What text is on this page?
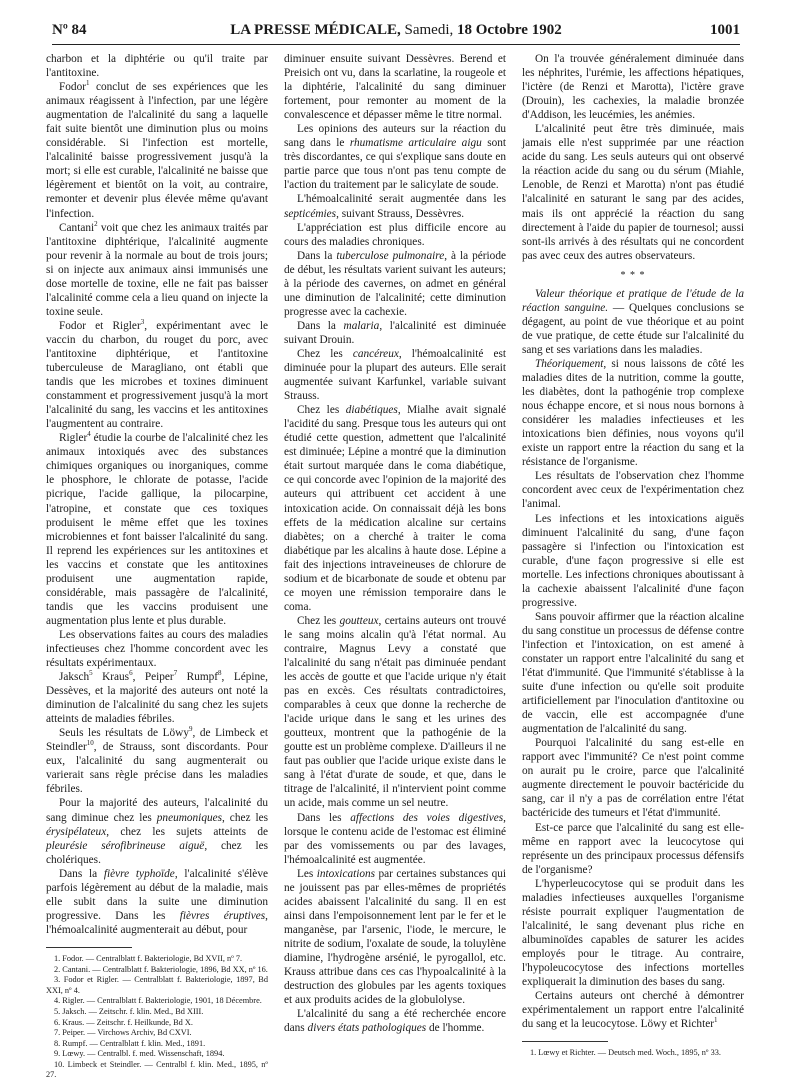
Nº 84	LA PRESSE MÉDICALE, Samedi, 18 Octobre 1902	1001

charbon et la diphtérie ou qu'il traite par l'antitoxine.

Fodor$^1$ conclut de ses expériences que les animaux réagissent à l'infection, par une légère augmentation de l'alcalinité du sang a laquelle fait suite bientôt une diminution plus ou moins considérable. Si l'infection est mortelle, l'alcalinité baisse progressivement jusqu'à la mort; si elle est curable, l'alcalinité ne baisse que légèrement et bientôt on la voit, au contraire, remonter et devenir plus élevée même qu'avant l'infection.

Cantani$^2$ voit que chez les animaux traités par l'antitoxine diphtérique, l'alcalinité augmente pour revenir à la normale au bout de trois jours; si on injecte aux animaux ainsi immunisés une dose mortelle de toxine, elle ne fait pas baisser l'alcalinité comme cela a lieu quand on injecte la toxine seule.

Fodor et Rigler$^3$, expérimentant avec le vaccin du charbon, du rouget du porc, avec l'antitoxine diphtérique, et l'antitoxine tuberculeuse de Maragliano, ont établi que tandis que les microbes et toxines diminuent constamment et progressivement jusqu'à la mort l'alcalinité du sang, les vaccins et les antitoxines l'augmentent au contraire.

Rigler$^4$ étudie la courbe de l'alcalinité chez les animaux intoxiqués avec des substances chimiques organiques ou inorganiques, comme le phosphore, le chlorate de potasse, l'acide picrique, l'acide gallique, la pilocarpine, l'atropine, et constate que ces toxiques produisent le même effet que les toxines microbiennes et font baisser l'alcalinité du sang. Il reprend les expériences sur les antitoxines et les vaccins et constate que les antitoxines produisent une augmentation rapide, considérable, mais passagère de l'alcalinité, tandis que les vaccins produisent une augmentation plus lente et plus durable.

Les observations faites au cours des maladies infectieuses chez l'homme concordent avec les résultats expérimentaux.

Jaksch$^5$ Kraus$^6$, Peiper$^7$ Rumpf$^8$, Lépine, Dessèves, et la majorité des auteurs ont noté la diminution de l'alcalinité du sang chez les sujets atteints de maladies fébriles.

Seuls les résultats de Löwy$^9$, de Limbeck et Steindler$^{10}$, de Strauss, sont discordants. Pour eux, l'alcalinité du sang augmenterait ou varierait sans règle précise dans les maladies fébriles.

Pour la majorité des auteurs, l'alcalinité du sang diminue chez les pneumoniques, chez les érysipélateux, chez les sujets atteints de pleurésie sérofibrineuse aiguë, chez les cholériques.

Dans la fièvre typhoïde, l'alcalinité s'élève parfois légèrement au début de la maladie, mais elle subit dans la suite une diminution progressive. Dans les fièvres éruptives, l'hémoalcalinité augmenterait au début, pour

1. Fodor. — Centralblatt f. Bakteriologie, Bd XVII, nº 7.

2. Cantani. — Centralblatt f. Bakteriologie, 1896, Bd XX, nº 16.

3. Fodor et Rigler. — Centralblatt f. Bakteriologie, 1897, Bd XXI, nº 4.

4. Rigler. — Centralblatt f. Bakteriologie, 1901, 18 Décembre.

5. Jaksch. — Zeitschr. f. klin. Med., Bd XIII.

6. Kraus. — Zeitschr. f. Heilkunde, Bd X.

7. Peiper. — Virchows Archiv, Bd CXVI.

8. Rumpf. — Centralblatt f. klin. Med., 1891.

9. Lœwy. — Centralbl. f. med. Wissenschaft, 1894.

10. Limbeck et Steindler. — Centralbl f. klin. Med., 1895, nº 27.

diminuer ensuite suivant Dessèvres. Berend et Preisich ont vu, dans la scarlatine, la rougeole et la diphtérie, l'alcalinité du sang diminuer fortement, pour remonter au moment de la convalescence et dépasser même le titre normal.

Les opinions des auteurs sur la réaction du sang dans le rhumatisme articulaire aigu sont très discordantes, ce qui s'explique sans doute en partie parce que tous n'ont pas tenu compte de l'action du traitement par le salicylate de soude.

L'hémoalcalinité serait augmentée dans les septicémies, suivant Strauss, Dessèvres.

L'appréciation est plus difficile encore au cours des maladies chroniques.

Dans la tuberculose pulmonaire, à la période de début, les résultats varient suivant les auteurs; à la période des cavernes, on admet en général une diminution de l'alcalinité; cette diminution progresse avec la cachexie.

Dans la malaria, l'alcalinité est diminuée suivant Drouin.

Chez les cancéreux, l'hémoalcalinité est diminuée pour la plupart des auteurs. Elle serait augmentée suivant Karfunkel, variable suivant Strauss.

Chez les diabétiques, Mialhe avait signalé l'acidité du sang. Presque tous les auteurs qui ont étudié cette question, admettent que l'alcalinité est diminuée; Lépine a montré que la diminution était surtout marquée dans le coma diabétique, ce qui concorde avec l'opinion de la majorité des auteurs qui attribuent cet accident à une intoxication acide. On connaissait déjà les bons effets de la médication alcaline sur certains diabètes; on a cherché à traiter le coma diabétique par les alcalins à haute dose. Lépine a fait des injections intraveineuses de chlorure de sodium et de bicarbonate de soude et obtenu par ce moyen une rémission temporaire dans le coma.

Chez les goutteux, certains auteurs ont trouvé le sang moins alcalin qu'à l'état normal. Au contraire, Magnus Levy a constaté que l'alcalinité du sang n'était pas diminuée pendant les accès de goutte et que l'acide urique n'y était pas en excès. Ces résultats contradictoires, comparables à ceux que donne la recherche de l'acide urique dans le sang et les urines des goutteux, montrent que la pathogénie de la goutte est un problème complexe. D'ailleurs il ne faut pas oublier que l'acide urique existe dans le sang à l'état d'urate de soude, et que, dans le titrage de l'alcalinité, il n'intervient point comme un acide, mais comme un sel neutre.

Dans les affections des voies digestives, lorsque le contenu acide de l'estomac est éliminé par des vomissements ou par des lavages, l'hémoalcalinité est augmentée.

Les intoxications par certaines substances qui ne jouissent pas par elles-mêmes de propriétés acides abaissent l'alcalinité du sang. Il en est ainsi dans l'empoisonnement lent par le fer et le manganèse, par l'arsenic, l'iode, le mercure, le nitrite de sodium, l'oxalate de soude, la toluylène diamine, l'hydrogène arsénié, le pyrogallol, etc. Krauss attribue dans ces cas l'hypoalcalinité à la destruction des globules par les agents toxiques et aux produits acides de la globulolyse.

L'alcalinité du sang a été recherchée encore dans divers états pathologiques de l'homme.

On l'a trouvée généralement diminuée dans les néphrites, l'urémie, les affections hépatiques, l'ictère (de Renzi et Marotta), l'ictère grave (Drouin), les cachexies, la maladie bronzée d'Addison, les leucémies, les anémies.

L'alcalinité peut être très diminuée, mais jamais elle n'est supprimée par une réaction acide du sang. Les seuls auteurs qui ont observé la réaction acide du sang ou du sérum (Miahle, Lenoble, de Renzi et Marotta) n'ont pas étudié l'alcalinité en saturant le sang par des acides, mais ils ont apprécié la réaction du sang directement à l'aide du papier de tournesol; aussi sont-ils arrivés à des résultats qui ne concordent pas avec ceux des autres observateurs.

* * *

Valeur théorique et pratique de l'étude de la réaction sanguine. — Quelques conclusions se dégagent, au point de vue théorique et au point de vue pratique, de cette étude sur l'alcalinité du sang et ses variations dans les maladies.

Théoriquement, si nous laissons de côté les maladies dites de la nutrition, comme la goutte, les diabètes, dont la pathogénie trop complexe nous échappe encore, et si nous nous bornons à considérer les maladies infectieuses et les intoxications bien définies, nous voyons qu'il existe un rapport entre la réaction du sang et la résistance de l'organisme.

Les résultats de l'observation chez l'homme concordent avec ceux de l'expérimentation chez l'animal.

Les infections et les intoxications aiguës diminuent l'alcalinité du sang, d'une façon passagère si l'infection ou l'intoxication est curable, d'une façon progressive si elle est mortelle. Les infections chroniques aboutissant à la cachexie abaissent l'alcalinité d'une façon progressive.

Sans pouvoir affirmer que la réaction alcaline du sang constitue un processus de défense contre l'infection et l'intoxication, on est amené à constater un rapport entre l'alcalinité du sang et l'état d'immunité. Que l'immunité s'établisse à la suite d'une infection ou qu'elle soit produite artificiellement par l'inoculation d'antitoxine ou de vaccin, elle est accompagnée d'une augmentation de l'alcalinité du sang.

Pourquoi l'alcalinité du sang est-elle en rapport avec l'immunité? Ce n'est point comme on aurait pu le croire, parce que l'alcalinité augmente directement le pouvoir bactéricide du sang, car il n'y a pas de corrélation entre l'état bactéricide des tumeurs et l'état d'immunité.

Est-ce parce que l'alcalinité du sang est elle-même en rapport avec la leucocytose qui représente un des principaux processus défensifs de l'organisme?

L'hyperleucocytose qui se produit dans les maladies infectieuses auxquelles l'organisme résiste pourrait expliquer l'augmentation de l'alcalinité, le sang devenant plus riche en albuminoïdes capables de saturer les acides employés pour le titrage. Au contraire, l'hypoleucocytose des infections mortelles expliquerait la diminution des bases du sang.

Certains auteurs ont cherché à démontrer expérimentalement un rapport entre l'alcalinité du sang et la leucocytose. Löwy et Richter$^1$

1. Lœwy et Richter. — Deutsch med. Woch., 1895, nº 33.
